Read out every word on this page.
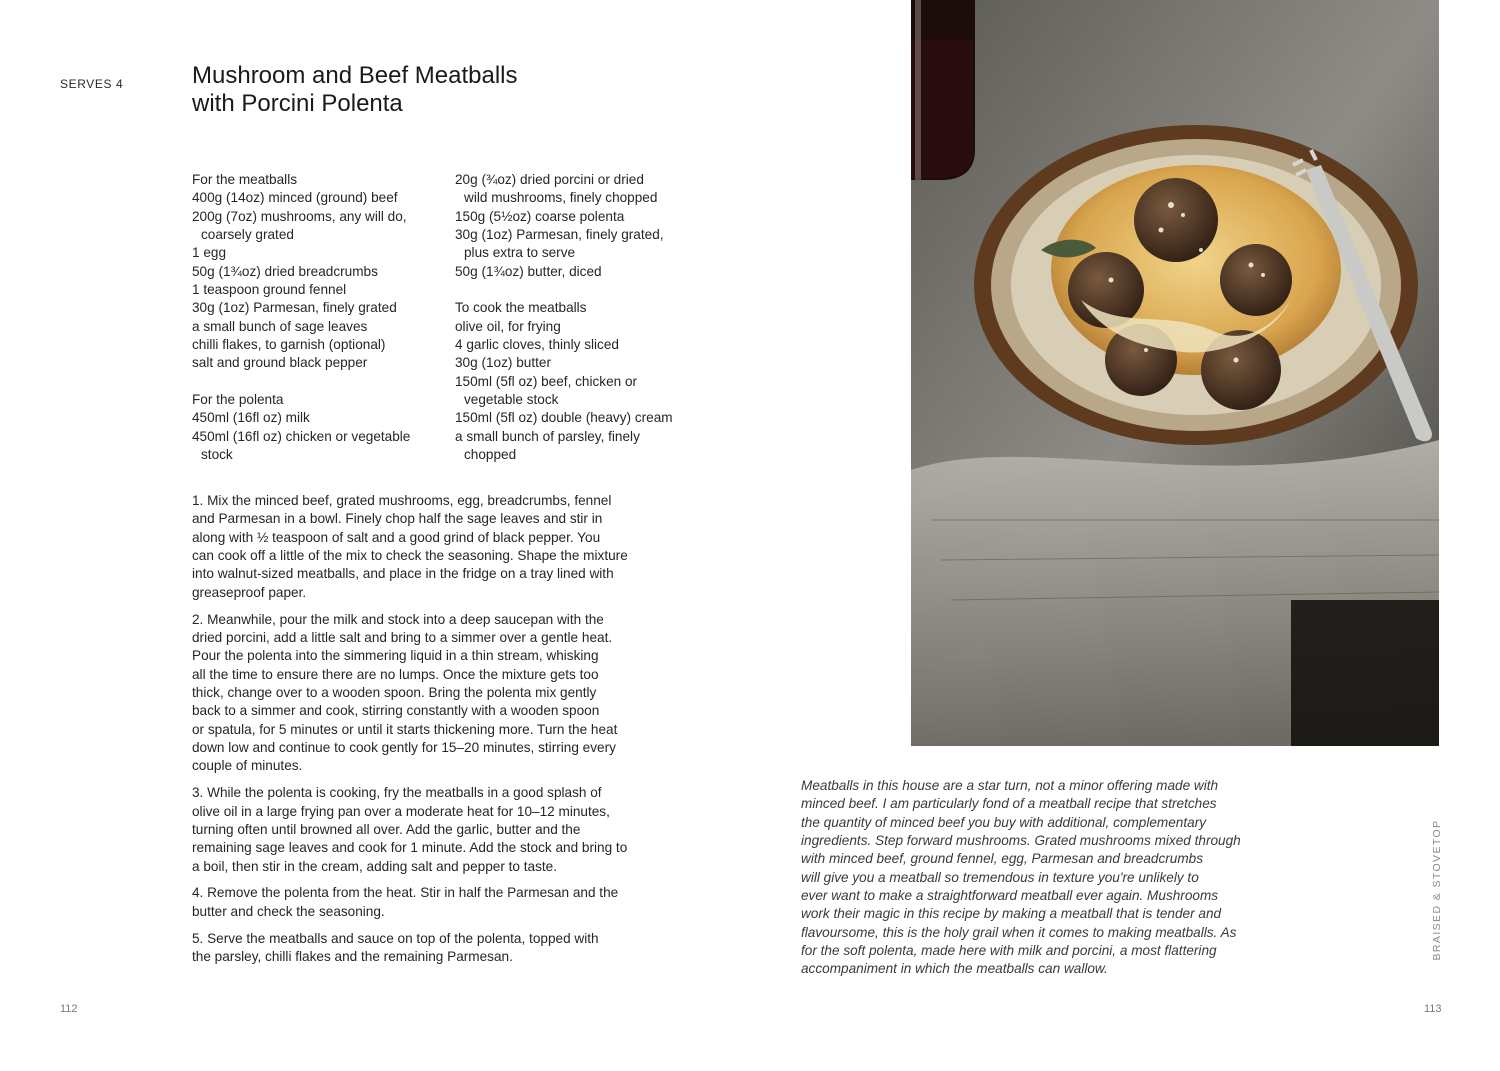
SERVES 4	Mushroom and Beef Meatballs
with Porcini Polenta
For the meatballs
400g (14oz) minced (ground) beef
200g (7oz) mushrooms, any will do,
coarsely grated
1 egg
50g (1¾oz) dried breadcrumbs
1 teaspoon ground fennel
30g (1oz) Parmesan, finely grated
a small bunch of sage leaves
chilli flakes, to garnish (optional)
salt and ground black pepper
For the polenta
450ml (16fl oz) milk
450ml (16fl oz) chicken or vegetable
stock
20g (¾oz) dried porcini or dried
wild mushrooms, finely chopped
150g (5½oz) coarse polenta
30g (1oz) Parmesan, finely grated,
plus extra to serve
50g (1¾oz) butter, diced
To cook the meatballs
olive oil, for frying
4 garlic cloves, thinly sliced
30g (1oz) butter
150ml (5fl oz) beef, chicken or
vegetable stock
150ml (5fl oz) double (heavy) cream
a small bunch of parsley, finely
chopped

1. Mix the minced beef, grated mushrooms, egg, breadcrumbs, fennel
and Parmesan in a bowl. Finely chop half the sage leaves and stir in
along with ½ teaspoon of salt and a good grind of black pepper. You
can cook off a little of the mix to check the seasoning. Shape the mixture
into walnut-sized meatballs, and place in the fridge on a tray lined with
greaseproof paper.

2. Meanwhile, pour the milk and stock into a deep saucepan with the
dried porcini, add a little salt and bring to a simmer over a gentle heat.
Pour the polenta into the simmering liquid in a thin stream, whisking
all the time to ensure there are no lumps. Once the mixture gets too
thick, change over to a wooden spoon. Bring the polenta mix gently
back to a simmer and cook, stirring constantly with a wooden spoon
or spatula, for 5 minutes or until it starts thickening more. Turn the heat
down low and continue to cook gently for 15–20 minutes, stirring every
couple of minutes.

3. While the polenta is cooking, fry the meatballs in a good splash of
olive oil in a large frying pan over a moderate heat for 10–12 minutes,
turning often until browned all over. Add the garlic, butter and the
remaining sage leaves and cook for 1 minute. Add the stock and bring to
a boil, then stir in the cream, adding salt and pepper to taste.

4. Remove the polenta from the heat. Stir in half the Parmesan and the
butter and check the seasoning.

5. Serve the meatballs and sauce on top of the polenta, topped with
the parsley, chilli flakes and the remaining Parmesan.

112
Meatballs in this house are a star turn, not a minor offering made with
minced beef. I am particularly fond of a meatball recipe that stretches
the quantity of minced beef you buy with additional, complementary
ingredients. Step forward mushrooms. Grated mushrooms mixed through
with minced beef, ground fennel, egg, Parmesan and breadcrumbs
will give you a meatball so tremendous in texture you're unlikely to
ever want to make a straightforward meatball ever again. Mushrooms
work their magic in this recipe by making a meatball that is tender and
flavoursome, this is the holy grail when it comes to making meatballs. As
for the soft polenta, made here with milk and porcini, a most flattering
accompaniment in which the meatballs can wallow.
BRAISED & STOVETOP
113
